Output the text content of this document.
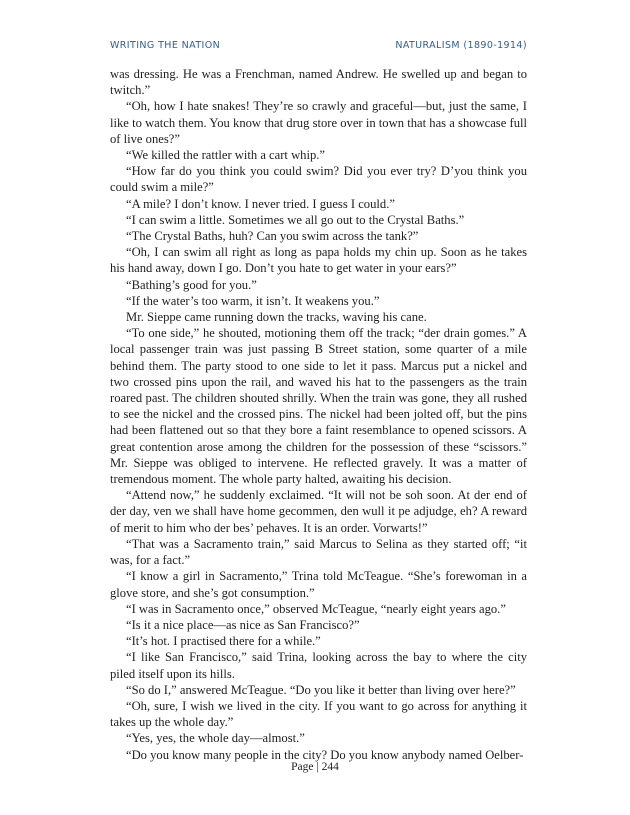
WRITING THE NATION	NATURALISM (1890-1914)

was dressing. He was a Frenchman, named Andrew. He swelled up and began to twitch.”

“Oh, how I hate snakes! They’re so crawly and graceful—but, just the same, I like to watch them. You know that drug store over in town that has a showcase full of live ones?”

“We killed the rattler with a cart whip.”

“How far do you think you could swim? Did you ever try? D’you think you could swim a mile?”

“A mile? I don’t know. I never tried. I guess I could.”

“I can swim a little. Sometimes we all go out to the Crystal Baths.”

“The Crystal Baths, huh? Can you swim across the tank?”

“Oh, I can swim all right as long as papa holds my chin up. Soon as he takes his hand away, down I go. Don’t you hate to get water in your ears?”

“Bathing’s good for you.”

“If the water’s too warm, it isn’t. It weakens you.”

Mr. Sieppe came running down the tracks, waving his cane.

“To one side,” he shouted, motioning them off the track; “der drain gomes.” A local passenger train was just passing B Street station, some quarter of a mile behind them. The party stood to one side to let it pass. Marcus put a nickel and two crossed pins upon the rail, and waved his hat to the passengers as the train roared past. The children shouted shrilly. When the train was gone, they all rushed to see the nickel and the crossed pins. The nickel had been jolted off, but the pins had been flattened out so that they bore a faint resemblance to opened scissors. A great contention arose among the children for the possession of these “scissors.” Mr. Sieppe was obliged to intervene. He reflected gravely. It was a matter of tremendous moment. The whole party halted, awaiting his decision.

“Attend now,” he suddenly exclaimed. “It will not be soh soon. At der end of der day, ven we shall have home gecommen, den wull it pe adjudge, eh? A reward of merit to him who der bes’ pehaves. It is an order. Vorwarts!”

“That was a Sacramento train,” said Marcus to Selina as they started off; “it was, for a fact.”

“I know a girl in Sacramento,” Trina told McTeague. “She’s forewoman in a glove store, and she’s got consumption.”

“I was in Sacramento once,” observed McTeague, “nearly eight years ago.”

“Is it a nice place—as nice as San Francisco?”

“It’s hot. I practised there for a while.”

“I like San Francisco,” said Trina, looking across the bay to where the city piled itself upon its hills.

“So do I,” answered McTeague. “Do you like it better than living over here?”

“Oh, sure, I wish we lived in the city. If you want to go across for anything it takes up the whole day.”

“Yes, yes, the whole day—almost.”

“Do you know many people in the city? Do you know anybody named Oelber-

Page | 244
